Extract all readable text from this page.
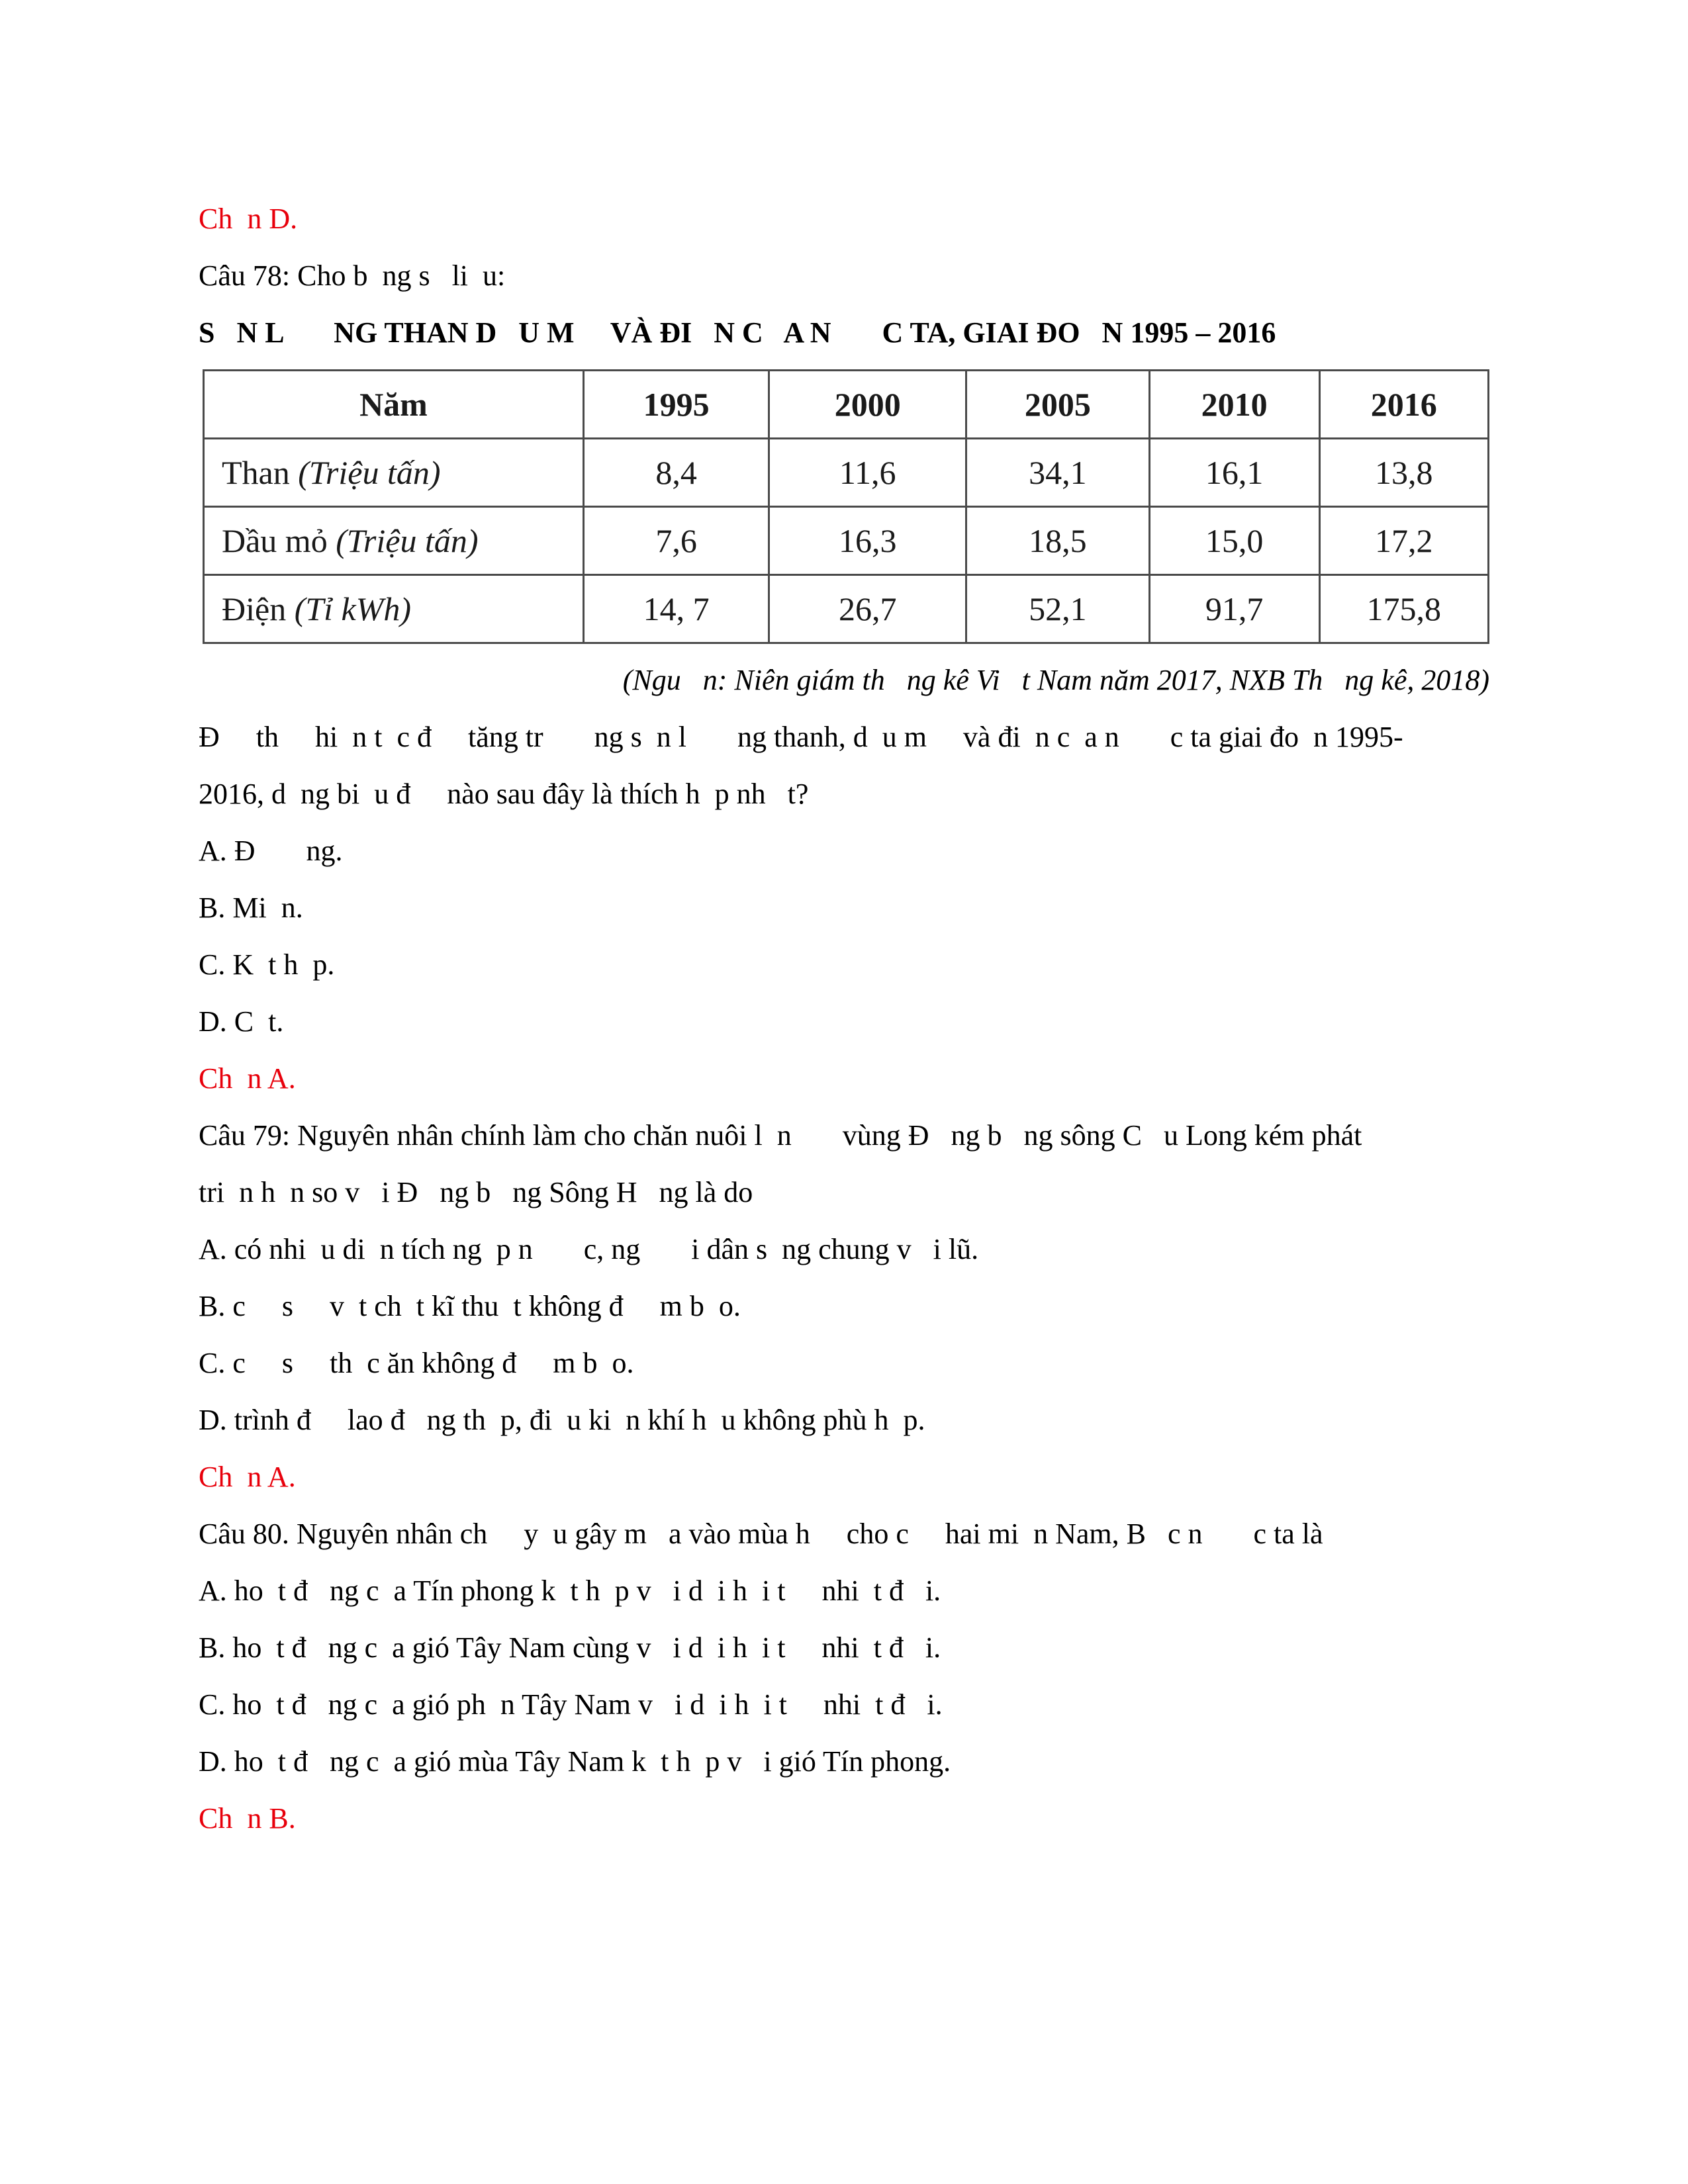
Ch  n D.
Câu 78: Cho b  ng s   li  u:
S   N L       NG THAN D   U M     VÀ ĐI   N C   A N       C TA, GIAI ĐO   N 1995 – 2016
Năm	1995	2000	2005	2010	2016
Than (Triệu tấn)	8,4	11,6	34,1	16,1	13,8
Dầu mỏ (Triệu tấn)	7,6	16,3	18,5	15,0	17,2
Điện (Tỉ kWh)	14, 7	26,7	52,1	91,7	175,8
(Ngu   n: Niên giám th   ng kê Vi   t Nam năm 2017, NXB Th   ng kê, 2018)
Đ     th     hi  n t  c đ     tăng tr       ng s  n l       ng thanh, d  u m     và đi  n c  a n       c ta giai đo  n 1995-
2016, d  ng bi  u đ     nào sau đây là thích h  p nh   t?
A. Đ       ng.
B. Mi  n.
C. K  t h  p.
D. C  t.
Ch  n A.
Câu 79: Nguyên nhân chính làm cho chăn nuôi l  n       vùng Đ   ng b   ng sông C   u Long kém phát
tri  n h  n so v   i Đ   ng b   ng Sông H   ng là do
A. có nhi  u di  n tích ng  p n       c, ng       i dân s  ng chung v   i lũ.
B. c     s     v  t ch  t kĩ thu  t không đ     m b  o.
C. c     s     th  c ăn không đ     m b  o.
D. trình đ     lao đ   ng th  p, đi  u ki  n khí h  u không phù h  p.
Ch  n A.
Câu 80. Nguyên nhân ch     y  u gây m   a vào mùa h     cho c     hai mi  n Nam, B   c n       c ta là
A. ho  t đ   ng c  a Tín phong k  t h  p v   i d  i h  i t     nhi  t đ   i.
B. ho  t đ   ng c  a gió Tây Nam cùng v   i d  i h  i t     nhi  t đ   i.
C. ho  t đ   ng c  a gió ph  n Tây Nam v   i d  i h  i t     nhi  t đ   i.
D. ho  t đ   ng c  a gió mùa Tây Nam k  t h  p v   i gió Tín phong.
Ch  n B.
